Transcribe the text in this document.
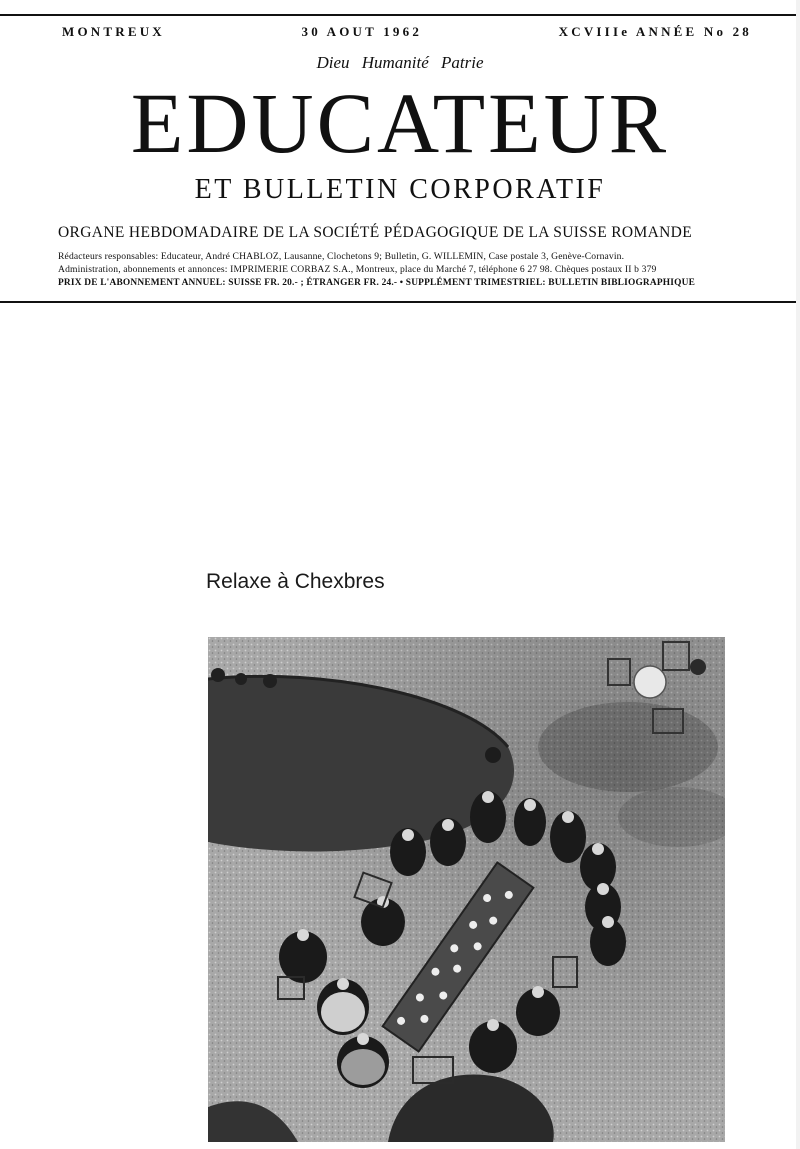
MONTREUX	30 AOUT 1962	XCVIIIe ANNÉE No 28
Dieu Humanité Patrie
EDUCATEUR
ET BULLETIN CORPORATIF
ORGANE HEBDOMADAIRE DE LA SOCIÉTÉ PÉDAGOGIQUE DE LA SUISSE ROMANDE
Rédacteurs responsables: Educateur, André CHABLOZ, Lausanne, Clochetons 9; Bulletin, G. WILLEMIN, Case postale 3, Genève-Cornavin.
Administration, abonnements et annonces: IMPRIMERIE CORBAZ S.A., Montreux, place du Marché 7, téléphone 6 27 98. Chèques postaux II b 379
PRIX DE L'ABONNEMENT ANNUEL: SUISSE FR. 20.- ; ÉTRANGER FR. 24.- • SUPPLÉMENT TRIMESTRIEL: BULLETIN BIBLIOGRAPHIQUE
Relaxe à Chexbres
